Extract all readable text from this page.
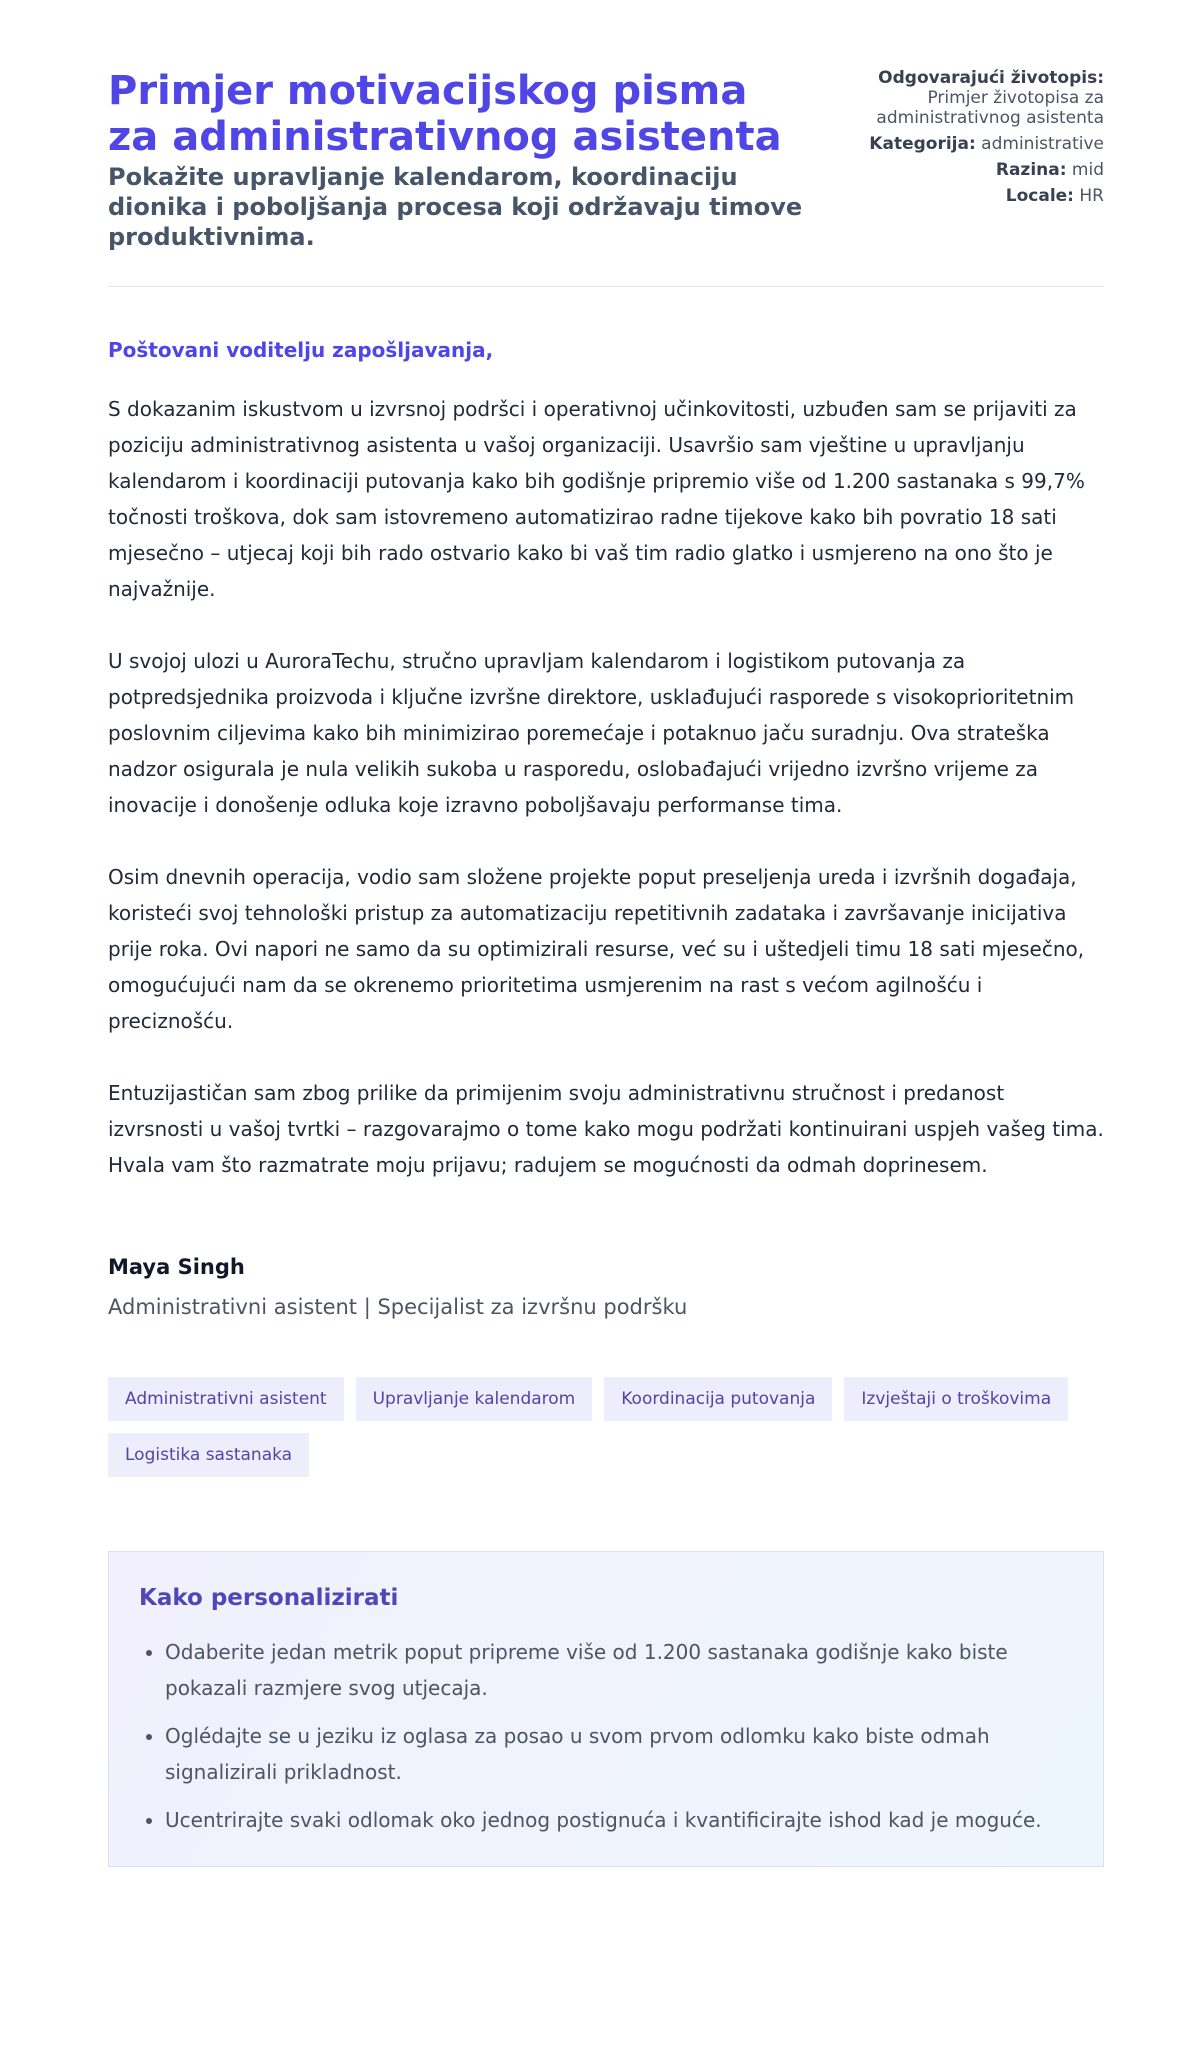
Primjer motivacijskog pisma za administrativnog asistenta
Pokažite upravljanje kalendarom, koordinaciju dionika i poboljšanja procesa koji održavaju timove produktivnima.
Odgovarajući životopis:
Primjer životopisa za administrativnog asistenta
Kategorija: administrative
Razina: mid
Locale: HR

Poštovani voditelju zapošljavanja,

S dokazanim iskustvom u izvrsnoj podršci i operativnoj učinkovitosti, uzbuđen sam se prijaviti za poziciju administrativnog asistenta u vašoj organizaciji. Usavršio sam vještine u upravljanju kalendarom i koordinaciji putovanja kako bih godišnje pripremio više od 1.200 sastanaka s 99,7% točnosti troškova, dok sam istovremeno automatizirao radne tijekove kako bih povratio 18 sati mjesečno – utjecaj koji bih rado ostvario kako bi vaš tim radio glatko i usmjereno na ono što je najvažnije.

U svojoj ulozi u AuroraTechu, stručno upravljam kalendarom i logistikom putovanja za potpredsjednika proizvoda i ključne izvršne direktore, usklađujući rasporede s visokoprioritetnim poslovnim ciljevima kako bih minimizirao poremećaje i potaknuo jaču suradnju. Ova strateška nadzor osigurala je nula velikih sukoba u rasporedu, oslobađajući vrijedno izvršno vrijeme za inovacije i donošenje odluka koje izravno poboljšavaju performanse tima.

Osim dnevnih operacija, vodio sam složene projekte poput preseljenja ureda i izvršnih događaja, koristeći svoj tehnološki pristup za automatizaciju repetitivnih zadataka i završavanje inicijativa prije roka. Ovi napori ne samo da su optimizirali resurse, već su i uštedjeli timu 18 sati mjesečno, omogućujući nam da se okrenemo prioritetima usmjerenim na rast s većom agilnošću i preciznošću.

Entuzijastičan sam zbog prilike da primijenim svoju administrativnu stručnost i predanost izvrsnosti u vašoj tvrtki – razgovarajmo o tome kako mogu podržati kontinuirani uspjeh vašeg tima. Hvala vam što razmatrate moju prijavu; radujem se mogućnosti da odmah doprinesem.

Maya Singh

Administrativni asistent | Specijalist za izvršnu podršku

Administrativni asistent	Upravljanje kalendarom	Koordinacija putovanja	Izvještaji o troškovima
Logistika sastanaka
Kako personalizirati
• Odaberite jedan metrik poput pripreme više od 1.200 sastanaka godišnje kako biste pokazali razmjere svog utjecaja.
• Oglédajte se u jeziku iz oglasa za posao u svom prvom odlomku kako biste odmah signalizirali prikladnost.
• Ucentrirajte svaki odlomak oko jednog postignuća i kvantificirajte ishod kad je moguće.
